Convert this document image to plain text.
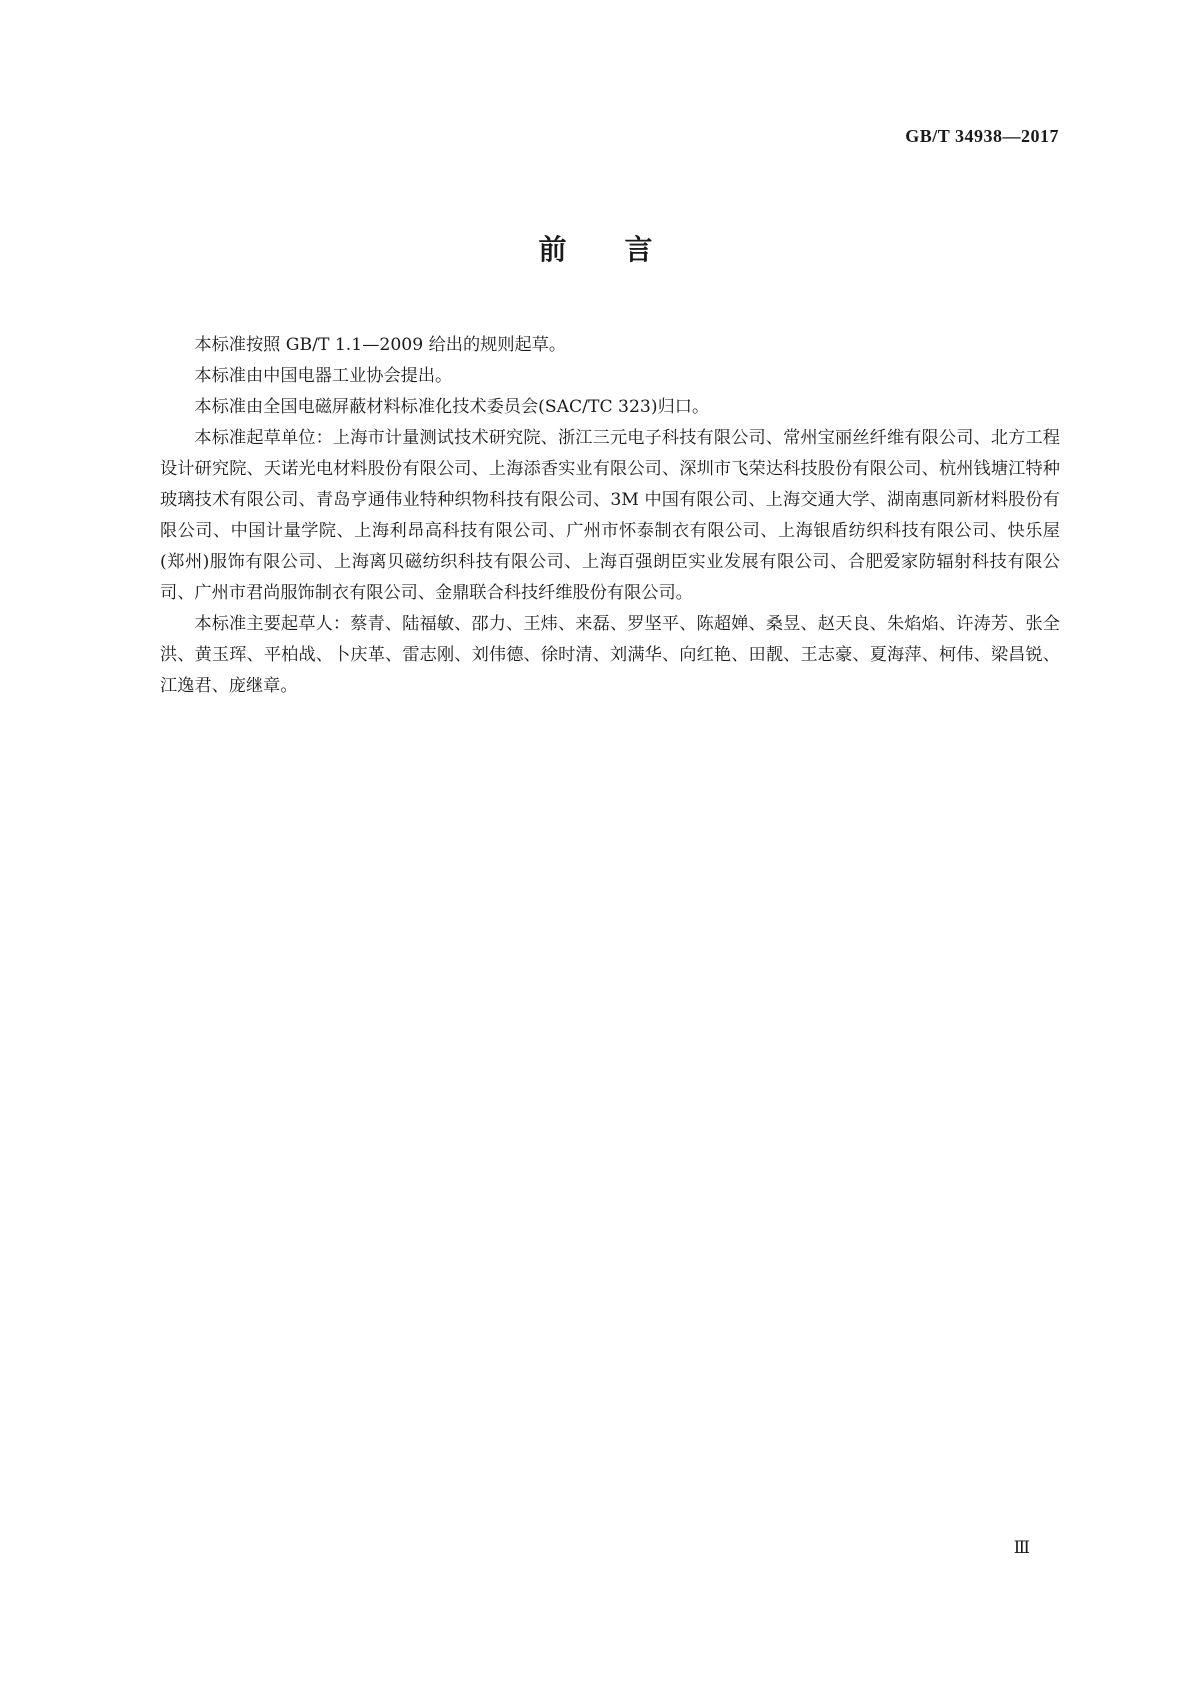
GB/T 34938—2017
前言

本标准按照 GB/T 1.1—2009 给出的规则起草。

本标准由中国电器工业协会提出。

本标准由全国电磁屏蔽材料标准化技术委员会(SAC/TC 323)归口。

本标准起草单位：上海市计量测试技术研究院、浙江三元电子科技有限公司、常州宝丽丝纤维有限公司、北方工程设计研究院、天诺光电材料股份有限公司、上海添香实业有限公司、深圳市飞荣达科技股份有限公司、杭州钱塘江特种玻璃技术有限公司、青岛亨通伟业特种织物科技有限公司、3M 中国有限公司、上海交通大学、湖南惠同新材料股份有限公司、中国计量学院、上海利昂高科技有限公司、广州市怀泰制衣有限公司、上海银盾纺织科技有限公司、快乐屋(郑州)服饰有限公司、上海离贝磁纺织科技有限公司、上海百强朗臣实业发展有限公司、合肥爱家防辐射科技有限公司、广州市君尚服饰制衣有限公司、金鼎联合科技纤维股份有限公司。

本标准主要起草人：蔡青、陆福敏、邵力、王炜、来磊、罗坚平、陈超婵、桑昱、赵天良、朱焰焰、许涛芳、张全洪、黄玉珲、平柏战、卜庆革、雷志刚、刘伟德、徐时清、刘满华、向红艳、田靓、王志豪、夏海萍、柯伟、梁昌锐、江逸君、庞继章。

Ⅲ
